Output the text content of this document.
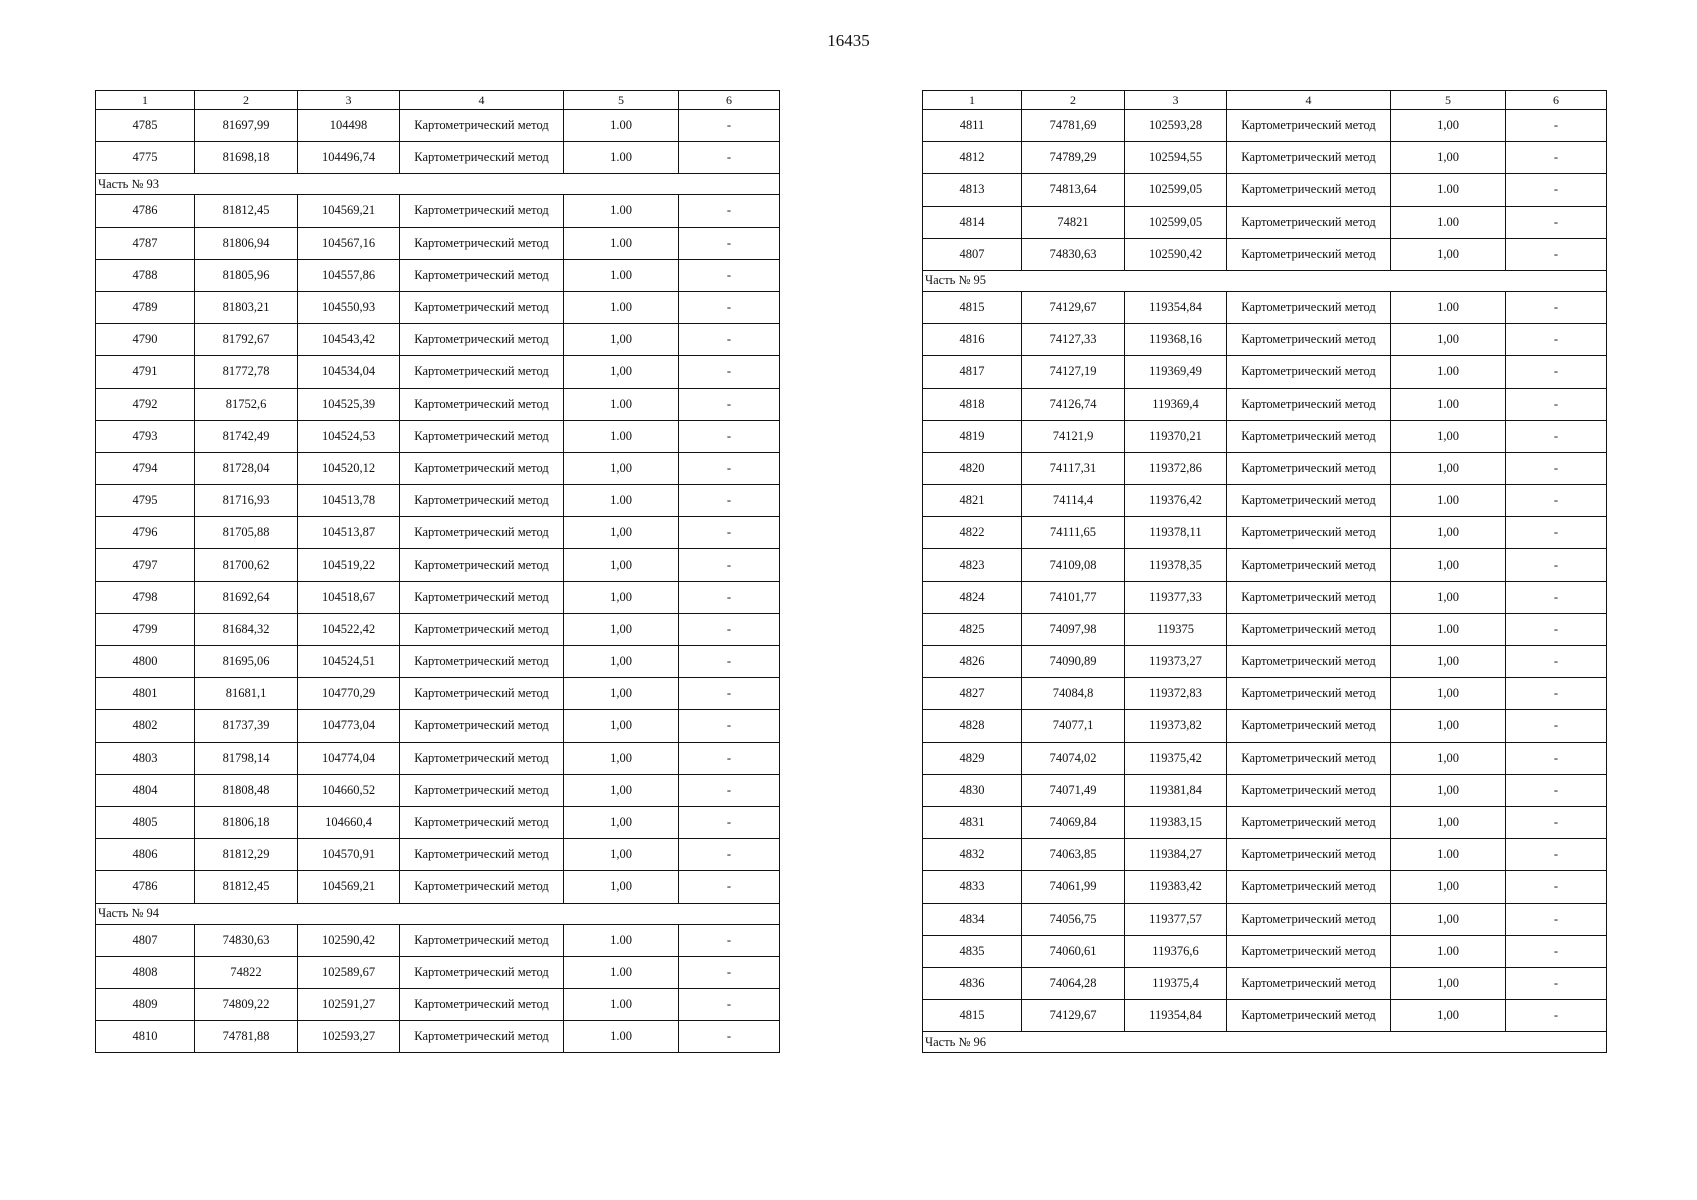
16435
1	2	3	4	5	6
4785	81697,99	104498	Картометрический метод	1.00	-
4775	81698,18	104496,74	Картометрический метод	1.00	-
Часть № 93					
4786	81812,45	104569,21	Картометрический метод	1.00	-
4787	81806,94	104567,16	Картометрический метод	1.00	-
4788	81805,96	104557,86	Картометрический метод	1.00	-
4789	81803,21	104550,93	Картометрический метод	1.00	-
4790	81792,67	104543,42	Картометрический метод	1,00	-
4791	81772,78	104534,04	Картометрический метод	1,00	-
4792	81752,6	104525,39	Картометрический метод	1.00	-
4793	81742,49	104524,53	Картометрический метод	1.00	-
4794	81728,04	104520,12	Картометрический метод	1,00	-
4795	81716,93	104513,78	Картометрический метод	1.00	-
4796	81705,88	104513,87	Картометрический метод	1,00	-
4797	81700,62	104519,22	Картометрический метод	1,00	-
4798	81692,64	104518,67	Картометрический метод	1,00	-
4799	81684,32	104522,42	Картометрический метод	1,00	-
4800	81695,06	104524,51	Картометрический метод	1,00	-
4801	81681,1	104770,29	Картометрический метод	1,00	-
4802	81737,39	104773,04	Картометрический метод	1,00	-
4803	81798,14	104774,04	Картометрический метод	1,00	-
4804	81808,48	104660,52	Картометрический метод	1,00	-
4805	81806,18	104660,4	Картометрический метод	1,00	-
4806	81812,29	104570,91	Картометрический метод	1,00	-
4786	81812,45	104569,21	Картометрический метод	1,00	-
Часть № 94					
4807	74830,63	102590,42	Картометрический метод	1.00	-
4808	74822	102589,67	Картометрический метод	1.00	-
4809	74809,22	102591,27	Картометрический метод	1.00	-
4810	74781,88	102593,27	Картометрический метод	1.00	-
1	2	3	4	5	6
4811	74781,69	102593,28	Картометрический метод	1,00	-
4812	74789,29	102594,55	Картометрический метод	1,00	-
4813	74813,64	102599,05	Картометрический метод	1.00	-
4814	74821	102599,05	Картометрический метод	1.00	-
4807	74830,63	102590,42	Картометрический метод	1,00	-
Часть № 95					
4815	74129,67	119354,84	Картометрический метод	1.00	-
4816	74127,33	119368,16	Картометрический метод	1,00	-
4817	74127,19	119369,49	Картометрический метод	1.00	-
4818	74126,74	119369,4	Картометрический метод	1.00	-
4819	74121,9	119370,21	Картометрический метод	1,00	-
4820	74117,31	119372,86	Картометрический метод	1,00	-
4821	74114,4	119376,42	Картометрический метод	1.00	-
4822	74111,65	119378,11	Картометрический метод	1,00	-
4823	74109,08	119378,35	Картометрический метод	1,00	-
4824	74101,77	119377,33	Картометрический метод	1,00	-
4825	74097,98	119375	Картометрический метод	1.00	-
4826	74090,89	119373,27	Картометрический метод	1,00	-
4827	74084,8	119372,83	Картометрический метод	1,00	-
4828	74077,1	119373,82	Картометрический метод	1,00	-
4829	74074,02	119375,42	Картометрический метод	1,00	-
4830	74071,49	119381,84	Картометрический метод	1,00	-
4831	74069,84	119383,15	Картометрический метод	1,00	-
4832	74063,85	119384,27	Картометрический метод	1.00	-
4833	74061,99	119383,42	Картометрический метод	1,00	-
4834	74056,75	119377,57	Картометрический метод	1,00	-
4835	74060,61	119376,6	Картометрический метод	1.00	-
4836	74064,28	119375,4	Картометрический метод	1,00	-
4815	74129,67	119354,84	Картометрический метод	1,00	-
Часть № 96					
